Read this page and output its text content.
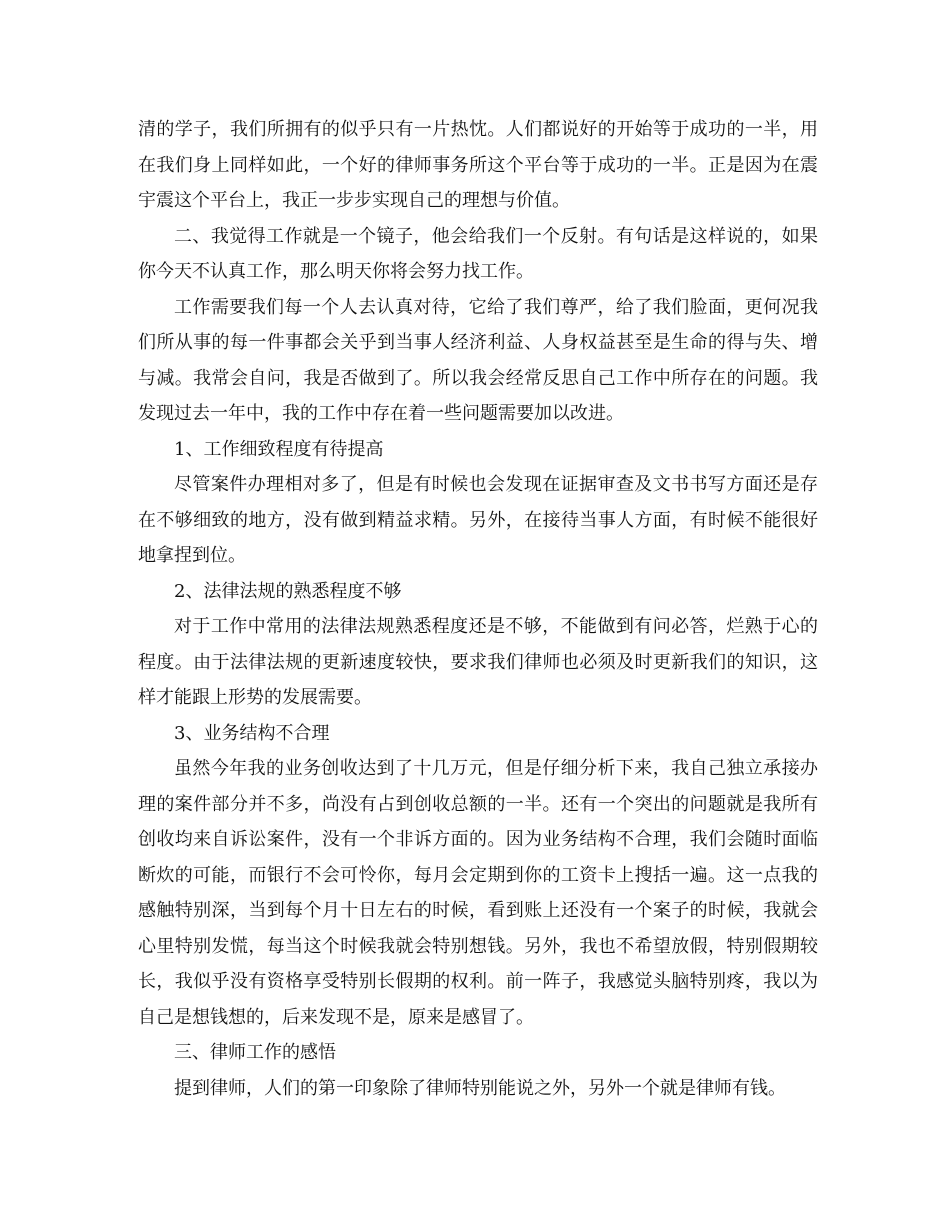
清的学子，我们所拥有的似乎只有一片热忱。人们都说好的开始等于成功的一半，用在我们身上同样如此，一个好的律师事务所这个平台等于成功的一半。正是因为在震宇震这个平台上，我正一步步实现自己的理想与价值。

二、我觉得工作就是一个镜子，他会给我们一个反射。有句话是这样说的，如果你今天不认真工作，那么明天你将会努力找工作。

工作需要我们每一个人去认真对待，它给了我们尊严，给了我们脸面，更何况我们所从事的每一件事都会关乎到当事人经济利益、人身权益甚至是生命的得与失、增与减。我常会自问，我是否做到了。所以我会经常反思自己工作中所存在的问题。我发现过去一年中，我的工作中存在着一些问题需要加以改进。

1、工作细致程度有待提高

尽管案件办理相对多了，但是有时候也会发现在证据审查及文书书写方面还是存在不够细致的地方，没有做到精益求精。另外，在接待当事人方面，有时候不能很好地拿捏到位。

2、法律法规的熟悉程度不够

对于工作中常用的法律法规熟悉程度还是不够，不能做到有问必答，烂熟于心的程度。由于法律法规的更新速度较快，要求我们律师也必须及时更新我们的知识，这样才能跟上形势的发展需要。

3、业务结构不合理

虽然今年我的业务创收达到了十几万元，但是仔细分析下来，我自己独立承接办理的案件部分并不多，尚没有占到创收总额的一半。还有一个突出的问题就是我所有创收均来自诉讼案件，没有一个非诉方面的。因为业务结构不合理，我们会随时面临断炊的可能，而银行不会可怜你，每月会定期到你的工资卡上搜括一遍。这一点我的感触特别深，当到每个月十日左右的时候，看到账上还没有一个案子的时候，我就会心里特别发慌，每当这个时候我就会特别想钱。另外，我也不希望放假，特别假期较长，我似乎没有资格享受特别长假期的权利。前一阵子，我感觉头脑特别疼，我以为自己是想钱想的，后来发现不是，原来是感冒了。

三、律师工作的感悟

提到律师，人们的第一印象除了律师特别能说之外，另外一个就是律师有钱。
